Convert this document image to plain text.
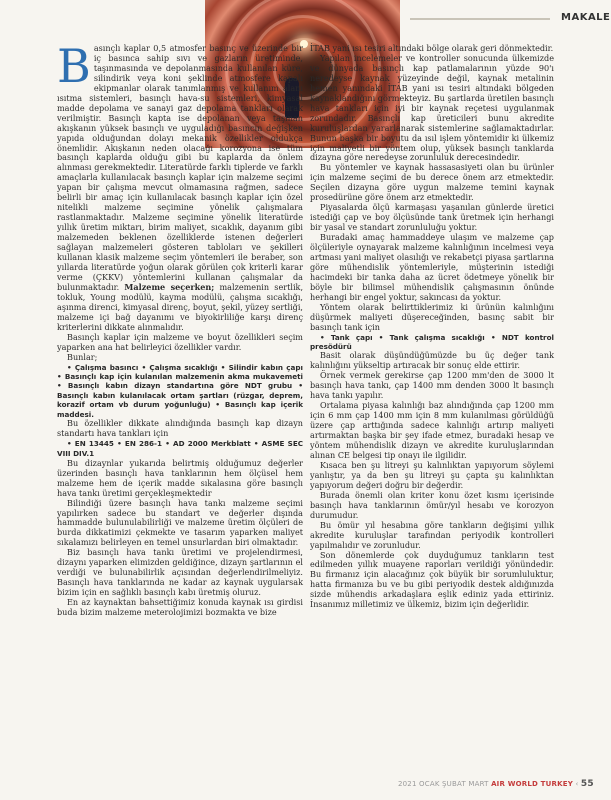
MAKALE

Basınçlı kaplar 0,5 atmosfer basınç ve üzerinde bir iç basınca sahip sıvı ve gazların üretiminde, taşınmasında ve depolanmasında kullanılan küre, silindirik veya koni şeklinde atmosfere kapalı ekipmanlar olarak tanımlanmış ve kullanım alanı ısıtma sistemleri, basınçlı hava-su sistemleri, kimyasal madde depolama ve sanayi gaz depolama tankları olarak verilmiştir. Basınçlı kapta ise depolanan veya taşınan akışkanın yüksek basınçlı ve uyguladığı basıncın değişken yapıda olduğundan dolayı mekanik özellikler oldukça önemlidir. Akışkanın neden olacağı korozyona ise tüm basınçlı kaplarda olduğu gibi bu kaplarda da önlem alınması gerekmektedir. Literatürde farklı tiplerde ve farklı amaçlarla kullanılacak basınçlı kaplar için malzeme seçimi yapan bir çalışma mevcut olmamasına rağmen, sadece belirli bir amaç için kullanılacak basınçlı kaplar için özel nitelikli malzeme seçimine yönelik çalışmalara rastlanmaktadır. Malzeme seçimine yönelik literatürde yıllık üretim miktarı, birim maliyet, sıcaklık, dayanım gibi malzemeden beklenen özelliklerde istenen değerleri sağlayan malzemeleri gösteren tabloları ve şekilleri kullanan klasik malzeme seçim yöntemleri ile beraber, son yıllarda literatürde yoğun olarak görülen çok kriterli karar verme (ÇKKV) yöntemlerini kullanan çalışmalar da bulunmaktadır. Malzeme seçerken; malzemenin sertlik, tokluk, Young modülü, kayma modülü, çalışma sıcaklığı, aşınma direnci, kimyasal direnç, boyut, şekil, yüzey sertliği, malzeme içi bağ dayanımı ve biyokirliliğe karşı direnç kriterlerini dikkate alınmalıdır.

Basınçlı kaplar için malzeme ve boyut özellikleri seçim yaparken ana hat belirleyici özellikler vardır.

Bunlar;

• Çalışma basıncı • Çalışma sıcaklığı • Silindir kabın çapı • Basınçlı kap için kulanılan malzemenin akma mukavemeti • Basınçlı kabın dizayn standartına göre NDT grubu • Basınçlı kabın kulanılacak ortam şartları (rüzgar, deprem, korazif ortam vb durum yoğunluğu) • Basınçlı kap içerik maddesi.

Bu özellikler dikkate alındığında basınçlı kap dizayn standartı hava tankları için

• EN 13445 • EN 286-1 • AD 2000 Merkblatt • ASME SEC VIII DIV.1

Bu dizaynlar yukarıda belirtmiş olduğumuz değerler üzerinden basınçlı hava tanklarının hem ölçüsel hem malzeme hem de içerik madde sıkalasına göre basınçlı hava tankı üretimi gerçekleşmektedir

Bilindiği üzere basınçlı hava tankı malzeme seçimi yapılırken sadece bu standart ve değerler dışında hammadde bulunulabilirliği ve malzeme üretim ölçüleri de burda dikkatimizi çekmekte ve tasarım yaparken maliyet sıkalamızı belirleyen en temel unsurlardan biri olmaktadır.

Biz basınçlı hava tankı üretimi ve projelendirmesi, dizaynı yaparken elimizden geldiğince, dizayn şartlarının el verdiği ve bulunabilirlik açısından değerlendirilmeliyiz. Basınçlı hava tanklarında ne kadar az kaynak uygularsak bizim için en sağlıklı basınçlı kabı üretmiş oluruz.

En az kaynaktan bahsettiğimiz konuda kaynak ısı girdisi buda bizim malzeme meterolojimizi bozmakta ve bize

İTAB yani ısı tesiri altındaki bölge olarak geri dönmektedir.

Yapılan incelemeler ve kontroller sonucunda ülkemizde ve dünyada basınçlı kap patlamalarının yüzde 90'ı neredeyse kaynak yüzeyinde değil, kaynak metalinin hemen yanındaki İTAB yani ısı tesiri altındaki bölgeden kaynaklandığını görmekteyiz. Bu şartlarda üretilen basınçlı hava tankları için iyi bir kaynak reçetesi uygulanmak zorundadır. Basınçlı kap üreticileri bunu akredite kuruluşlardan yararlanarak sistemlerine sağlamaktadırlar. Bunun başka bir boyutu da ısıl işlem yöntemidir ki ülkemiz için maliyetli bir yöntem olup, yüksek basınçlı tanklarda dizayna göre neredeyse zorunluluk derecesindedir.

Bu yöntemler ve kaynak hassasasiyeti olan bu ürünler için malzeme seçimi de bu derece önem arz etmektedir. Seçilen dizayna göre uygun malzeme temini kaynak prosedürüne göre önem arz etmektedir.

Piyasalarda ölçü karmaşası yaşanılan günlerde üretici istediği çap ve boy ölçüsünde tank üretmek için herhangi bir yasal ve standart zorunluluğu yoktur.

Buradaki amaç hammaddeye ulaşım ve malzeme çap ölçüleriyle oynayarak malzeme kalınlığının incelmesi veya artması yani maliyet olasılığı ve rekabetçi piyasa şartlarına göre mühendislik yöntemleriyle, müşterinin istediği hacimdeki bir tanka daha az ücret ödetmeye yönelik bir böyle bir bilimsel mühendislik çalışmasının önünde herhangi bir engel yoktur, sakıncası da yoktur.

Yöntem olarak belirttiklerimiz ki ürünün kalınlığını düşürmek maliyeti düşereceğinden, basınç sabit bir basınçlı tank için

• Tank çapı • Tank çalışma sıcaklığı • NDT kontrol presödürü

Basit olarak düşündüğümüzde bu üç değer tank kalınlığını yükseltip artıracak bir sonuç elde ettirir.

Örnek vermek gerekirse çap 1200 mm'den de 3000 lt basınçlı hava tankı, çap 1400 mm denden 3000 lt basınçlı hava tankı yapılır.

Ortalama piyasa kalınlığı baz alındığında çap 1200 mm için 6 mm çap 1400 mm için 8 mm kulanılması görüldüğü üzere çap arttığında sadece kalınlığı artırıp maliyeti artırmaktan başka bir şey ifade etmez, buradaki hesap ve yöntem mühendislik dizayn ve akredite kuruluşlarından alınan CE belgesi tip onayı ile ilgilidir.

Kısaca ben şu litreyi şu kalınlıktan yapıyorum söylemi yanlıştır, ya da ben şu litreyi şu çapta şu kalınlıktan yapıyorum değeri doğru bir değerdir.

Burada önemli olan kriter konu özet kısmı içerisinde basınçlı hava tanklarının ömür/yıl hesabı ve korozyon durumudur.

Bu ömür yıl hesabına göre tankların değişimi yıllık akredite kuruluşlar tarafından periyodik kontrolleri yapılmalıdır ve zorunludur.

Son dönemlerde çok duyduğumuz tankların test edilmeden yıllık muayene raporları verildiği yönündedir. Bu firmanız için alacağınız çok büyük bir sorumluluktur, hatta firmanıza bu ve bu gibi periyodik destek aldığınızda sizde mühendis arkadaşlara eşlik ediniz yada ettiriniz. İnsanımız milletimiz ve ülkemiz, bizim için değerlidir.

2021 OCAK ŞUBAT MART AIR WORLD TURKEY ‹ 55
